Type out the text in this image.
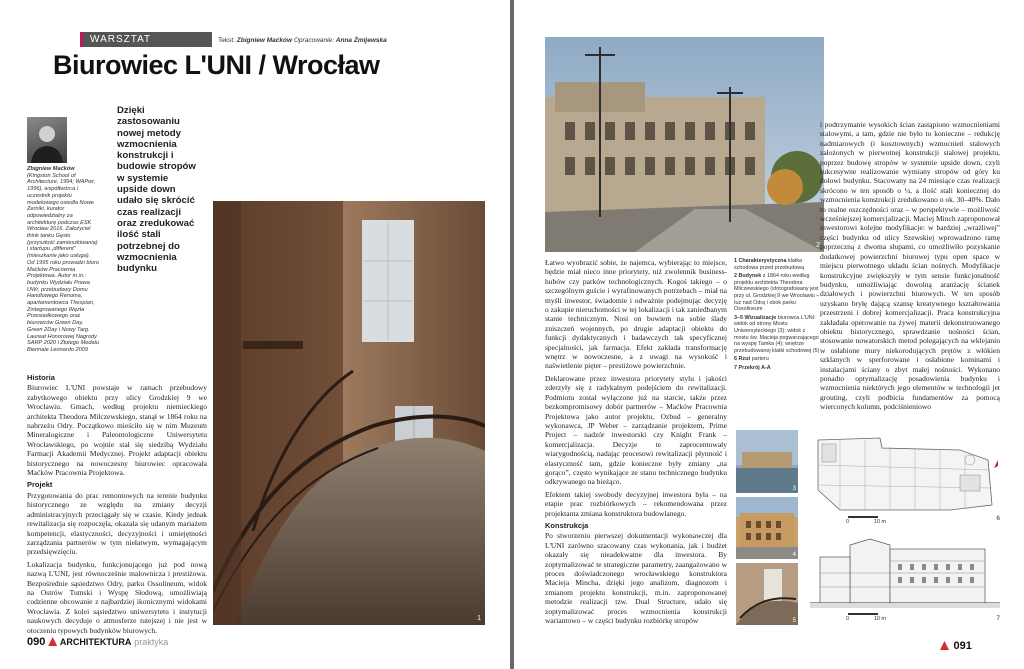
WARSZTAT	Tekst: Zbigniew Maćków Opracowanie: Anna Żmijewska
Biurowiec L'UNI / Wrocław
Zbigniew Maćków (Kingston School of Architecture, 1994; WAPwr, 1996), współtwórca i uczestnik projektu modelowego osiedla Nowe Żerniki, kurator odpowiedzialny za architekturę podczas ESK Wrocław 2016. Założyciel think tanku Gęsto (przyszłość zamieszkiwania) i startupu „different” (mieszkanie jako usługa). Od 1995 roku prowadzi biuro Maćków Pracownia Projektowa. Autor m.in.: budynku Wydziału Prawa UWr, przebudowy Domu Handlowego Renoma, apartamentowca Thespian, Zintegrowanego Węzła Przesiadkowego oraz biurowców Green Day, Green 2Day i Nowy Targ. Laureat Honorowej Nagrody SARP 2020 i Złotego Medalu Biennale Leonardo 2009
Dzięki zastosowaniu nowej metody wzmocnienia konstrukcji i budowie stropów w systemie upside down udało się skrócić czas realizacji oraz zredukować ilość stali potrzebnej do wzmocnienia budynku
1
Historia

Biurowiec L'UNI powstaje w ramach przebudowy zabytkowego obiektu przy ulicy Grodzkiej 9 we Wrocławiu. Gmach, według projektu niemieckiego architekta Theodora Milczewskiego, stanął w 1864 roku na nabrzeżu Odry. Początkowo mieściło się w nim Muzeum Mineralogiczne i Paleontologiczne Uniwersytetu Wrocławskiego, po wojnie stał się siedzibą Wydziału Farmacji Akademii Medycznej. Projekt adaptacji obiektu historycznego na nowoczesny biurowiec opracowała Maćków Pracownia Projektowa.

Projekt

Przygotowania do prac remontowych na terenie budynku historycznego ze względu na zmiany decyzji administracyjnych przeciągały się w czasie. Kiedy jednak rewitalizacja się rozpoczęła, okazała się udanym mariażem kompetencji, elastyczności, decyzyjności i umiejętności zarządzania partnerów w tym niełatwym, wymagającym przedsięwzięciu.

Lokalizacja budynku, funkcjonującego już pod nową nazwą L'UNI, jest równocześnie malownicza i prestiżowa. Bezpośrednie sąsiedztwo Odry, parku Ossolineum, widok na Ostrów Tumski i Wyspę Słodową, umożliwiają codzienne obcowanie z najbardziej ikonicznymi widokami Wrocławia. Z kolei sąsiedztwo uniwersytetu i instytucji naukowych decyduje o atmosferze tutejszej i nie jest w otoczeniu typowych budynków biurowych.

090 ARCHITEKTURA praktyka
2

Łatwo wyobrazić sobie, że najemca, wybierając to miejsce, będzie miał nieco inne priorytety, niż zwolennik business-hubów czy parków technologicznych. Kogoś takiego – o szczególnym guście i wyrafinowanych potrzebach – miał na myśli inwestor, świadomie i odważnie podejmując decyzję o zakupie nieruchomości w tej lokalizacji i tak zaniedbanym stanie technicznym. Nosi on bowiem na sobie ślady zniszczeń wojennych, po drugie adaptacji obiektu do funkcji dydaktycznych i badawczych tak specyficznej specjalności, jak farmacja. Efekt zakłada transformację wnętrz w nowoczesne, a z uwagi na wysokość i naświetlenie pięter – prestiżowe powierzchnie.

Deklarowane przez inwestora priorytety stylu i jakości zderzyły się z radykalnym podejściem do rewitalizacji. Podmiotu został wyłączone już na starcie, także przez bezkompromisowy dobór partnerów – Maćków Pracownia Projektowa jako autor projektu, Ozbud – generalny wykonawca, JP Weber – zarządzanie projektem, Prime Project – nadzór inwestorski czy Knight Frank – komercjalizacja. Decyzje te zaprocentowały wiarygodnością, nadając procesowi rewitalizacji płynność i elastyczność tam, gdzie konieczne były zmiany „na gorąco”, często wynikające ze stanu technicznego budynku odkrywanego na bieżąco.

Efektem takiej swobody decyzyjnej inwestora była – na etapie prac rozbiórkowych – rekomendowana przez projektanta zmiana konstruktora budowlanego.

Konstrukcja

Po stworzeniu pierwszej dokumentacji wykonawczej dla L'UNI zarówno szacowany czas wykonania, jak i budżet okazały się nieadekwatne dla inwestora. By zoptymalizować te strategiczne parametry, zaangażowano w proces doświadczonego wrocławskiego konstruktora Macieja Mincha, dzięki jego analizom, diagnozom i zmianom projektu konstrukcji, m.in. zaproponowanej metodzie realizacji tzw. Dual Structure, udało się zoptymalizować proces wzmocnienia konstrukcji wariantowo – w części budynku rozbiórkę stropów

1 Charakterystyczna klatka schodowa przed przebudową
2 Budynek z 1864 roku według projektu architekta Theodora Milczewskiego (sfotografowany jest przy ul. Grodzkiej 9 we Wrocławiu – tuż nad Odrą i obok parku Ossolineum
3–5 Wizualizacje biurowca L'UNI: widok od strony Mostu Uniwersyteckiego (3); widok z mostu św. Macieja pogwarzającego na wyspę Tamka (4); wnętrze przebudowanej klatki schodowej (5)
6 Rzut parteru
7 Przekrój A-A

i podtrzymanie wysokich ścian zastąpiono wzmocnieniami stalowymi, a tam, gdzie nie było to konieczne – redukcję nadmiarowych (i kosztownych) wzmocnień stalowych założonych w pierwotnej konstrukcji stalowej projektu, poprzez budowę stropów w systemie upside down, czyli sukcesywne realizowanie wymiany stropów od góry ku dołowi budynku. Stacowany na 24 miesiące czas realizacji skrócono w ten sposób o ¼, a ilość stali koniecznej do wzmocnienia konstrukcji zredukowano o ok. 30–40%. Dało to realne oszczędności oraz – w perspektywie – możliwość wcześniejszej komercjalizacji. Maciej Minch zaproponował inwestorowi kolejne modyfikacje: w bardziej „wrażliwej” części budynku od ulicy Szewskiej wprowadzono ramę poprzeczną z dwoma słupami, co umożliwiło pozyskanie dodatkowej powierzchni biurowej typu open space w miejscu pierwotnego układu ścian nośnych. Modyfikacje konstrukcyjne zwiększyły w tym sensie funkcjonalność budynku, umożliwiając dowolną aranżację ścianek działowych i powierzchni biurowych. W ten sposób uzyskano bryłę dającą szansę kreatywnego kształtowania przestrzeni i dobrej komercjalizacji. Praca konstrukcyjna zakładała operowanie na żywej materii dekonstruowanego obiektu historycznego, sprawdzanie nośności ścian, stosowanie nowatorskich metod polegających na wklejaniu w osłabione mury niekorodujących prętów z włókien szklanych w sperforowane i osłabione kominami i instalacjami ściany o zbyt małej nośności. Wykonano ponadto optymalizację posadowienia budynku i wzmocnienia niektórych jego elementów w technologii jet grouting, czyli podbicia fundamentów za pomocą wierconych kolumn, podciśnieniowo

3
4
5
0	10 m	6
0	10 m	7
091
